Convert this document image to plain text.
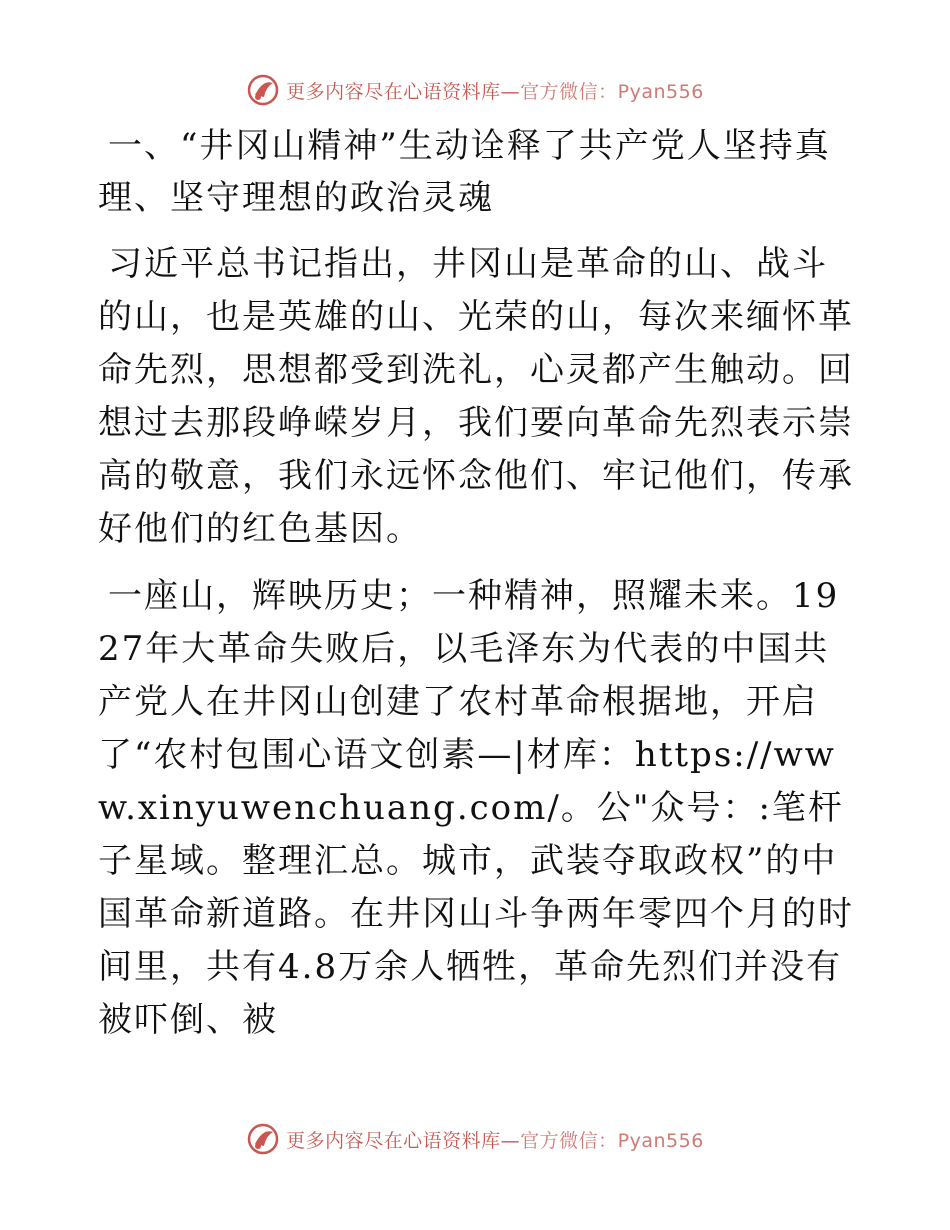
更多内容尽在心语资料库—官方微信：Pyan556
一、“井冈山精神”生动诠释了共产党人坚持真理、坚守理想的政治灵魂

习近平总书记指出，井冈山是革命的山、战斗的山，也是英雄的山、光荣的山，每次来缅怀革命先烈，思想都受到洗礼，心灵都产生触动。回想过去那段峥嵘岁月，我们要向革命先烈表示崇高的敬意，我们永远怀念他们、牢记他们，传承好他们的红色基因。

一座山，辉映历史；一种精神，照耀未来。1927年大革命失败后，以毛泽东为代表的中国共产党人在井冈山创建了农村革命根据地，开启了“农村包围心语文创素—|材库：https://www.xinyuwenchuang.com/。公"众号：:笔杆子星域。整理汇总。城市，武装夺取政权”的中国革命新道路。在井冈山斗争两年零四个月的时间里，共有4.8万余人牺牲，革命先烈们并没有被吓倒、被

更多内容尽在心语资料库—官方微信：Pyan556
